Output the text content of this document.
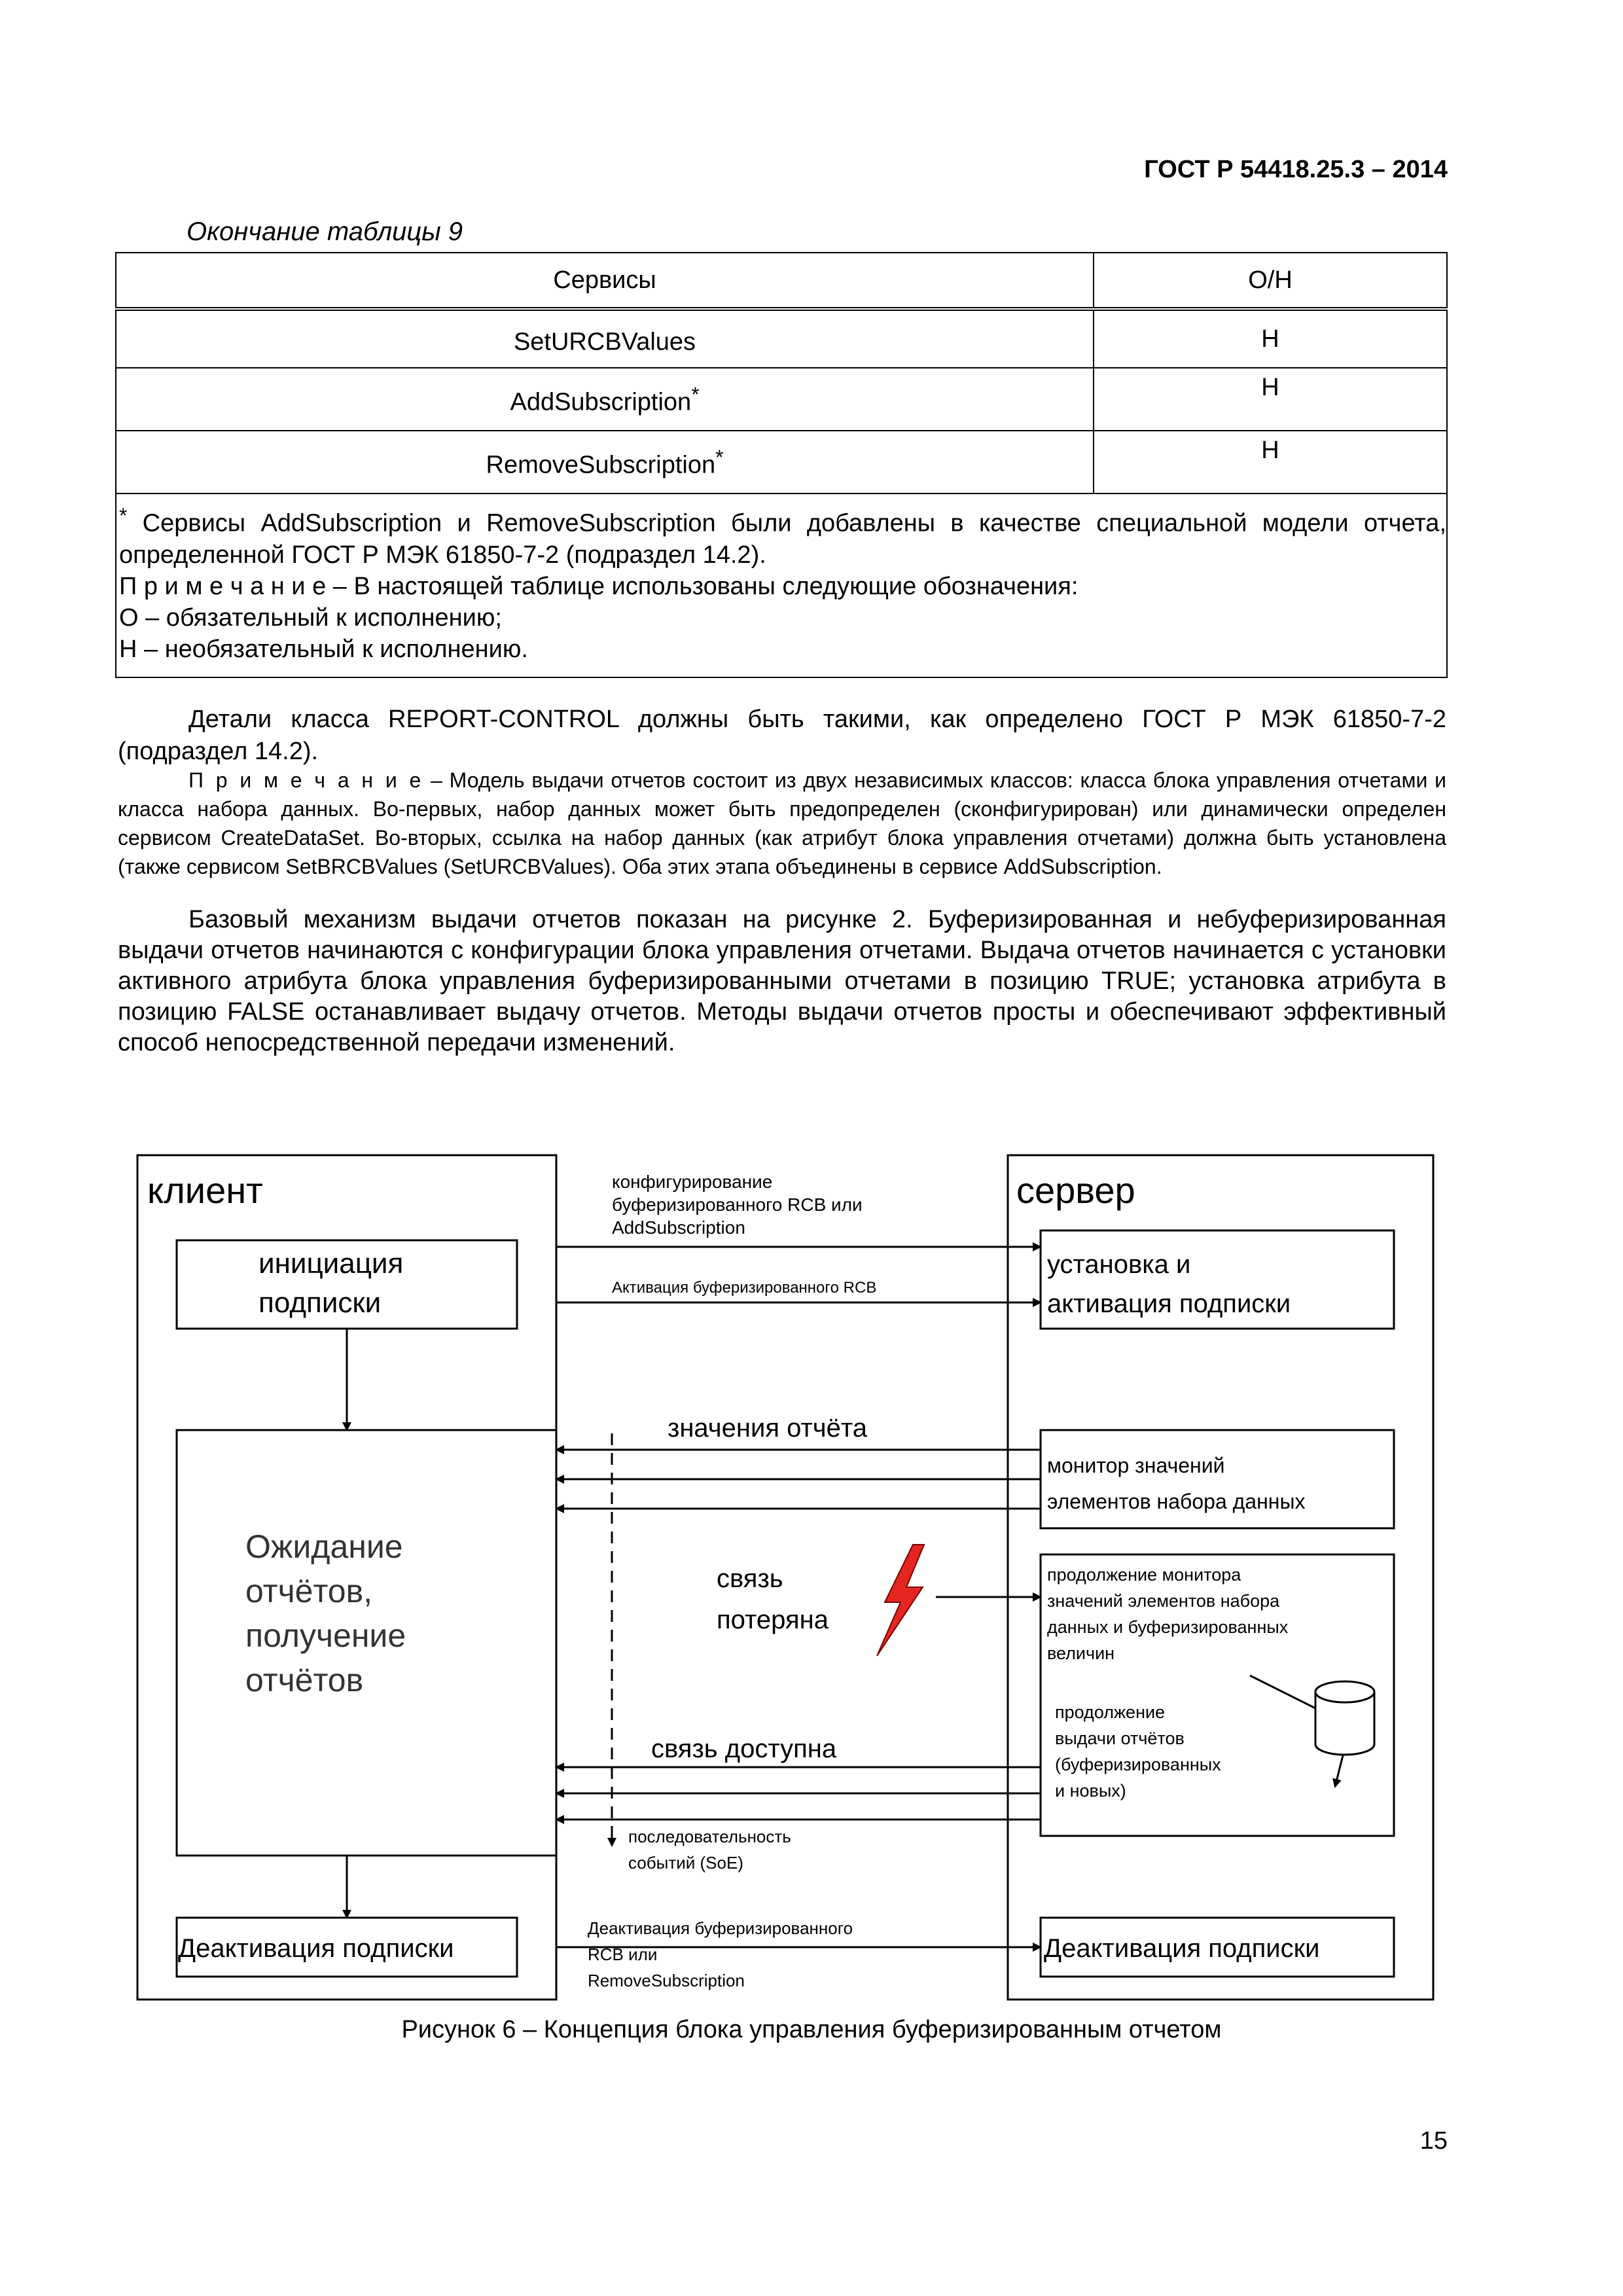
ГОСТ Р 54418.25.3 – 2014
Окончание таблицы 9
Сервисы	О/Н
SetURCBValues	Н
AddSubscription*	Н
RemoveSubscription*	Н

* Сервисы AddSubscription и RemoveSubscription были добавлены в качестве специальной модели отчета, определенной ГОСТ Р МЭК 61850-7-2 (подраздел 14.2).
П р и м е ч а н и е – В настоящей таблице использованы следующие обозначения:
О – обязательный к исполнению;
Н – необязательный к исполнению.	
Детали класса REPORT-CONTROL должны быть такими, как определено ГОСТ Р МЭК 61850-7-2 (подраздел 14.2).
П р и м е ч а н и е – Модель выдачи отчетов состоит из двух независимых классов: класса блока управления отчетами и класса набора данных. Во-первых, набор данных может быть предопределен (сконфигурирован) или динамически определен сервисом CreateDataSet. Во-вторых, ссылка на набор данных (как атрибут блока управления отчетами) должна быть установлена (также сервисом SetBRCBValues (SetURCBValues). Оба этих этапа объединены в сервисе AddSubscription.
Базовый механизм выдачи отчетов показан на рисунке 2. Буферизированная и небуферизированная выдачи отчетов начинаются с конфигурации блока управления отчетами. Выдача отчетов начинается с установки активного атрибута блока управления буферизированными отчетами в позицию TRUE; установка атрибута в позицию FALSE останавливает выдачу отчетов. Методы выдачи отчетов просты и обеспечивают эффективный способ непосредственной передачи изменений.
клиент	сервер
инициация
подписки
Ожидание
отчётов,
получение
отчётов
Деактивация подписки
установка и
активация подписки
монитор значений
элементов набора данных
продолжение монитора
значений элементов набора
данных и буферизированных
величин
продолжение
выдачи отчётов
(буферизированных
и новых)
Деактивация подписки
конфигурирование
буферизированного RCB или
AddSubscription
Активация буферизированного RCB
значения отчёта
связь
потеряна
связь доступна
последовательность
событий (SoE)
Деактивация буферизированного
RCB или
RemoveSubscription
Рисунок 6 – Концепция блока управления буферизированным отчетом
15
